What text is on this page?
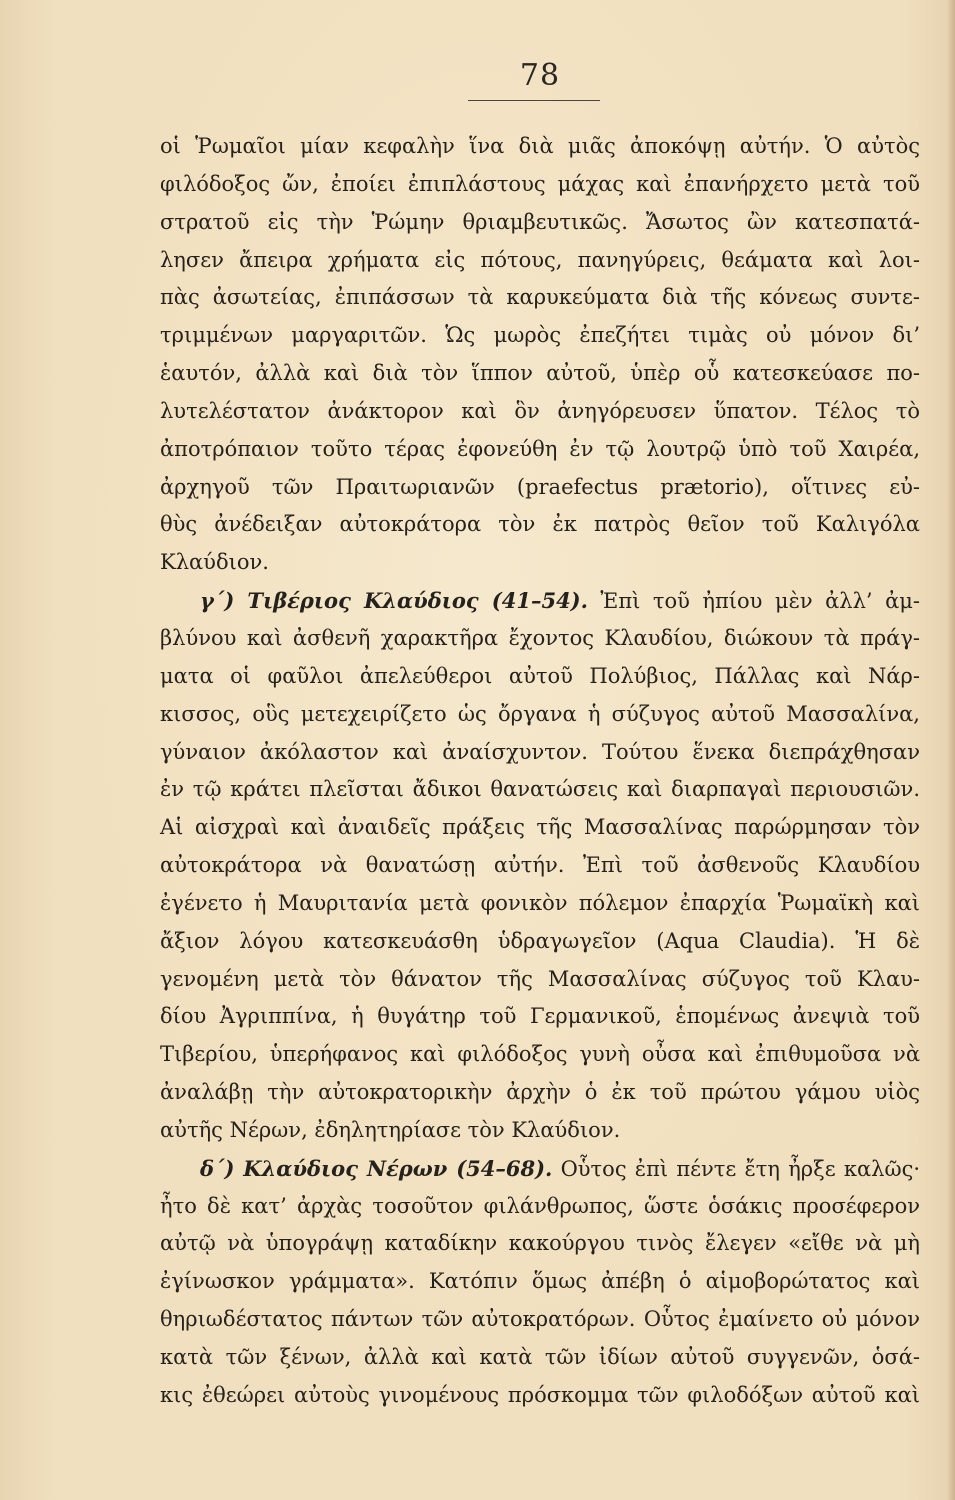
78
οἱ Ῥωμαῖοι μίαν κεφαλὴν ἵνα διὰ μιᾶς ἀποκόψῃ αὐτήν. Ὁ αὐτὸς
φιλόδοξος ὤν, ἐποίει ἐπιπλάστους μάχας καὶ ἐπανήρχετο μετὰ τοῦ
στρατοῦ εἰς τὴν Ῥώμην θριαμβευτικῶς. Ἄσωτος ὢν κατεσπατά-
λησεν ἄπειρα χρήματα εἰς πότους, πανηγύρεις, θεάματα καὶ λοι-
πὰς ἀσωτείας, ἐπιπάσσων τὰ καρυκεύματα διὰ τῆς κόνεως συντε-
τριμμένων μαργαριτῶν. Ὡς μωρὸς ἐπεζήτει τιμὰς οὐ μόνον δι’
ἑαυτόν, ἀλλὰ καὶ διὰ τὸν ἵππον αὐτοῦ, ὑπὲρ οὗ κατεσκεύασε πο-
λυτελέστατον ἀνάκτορον καὶ ὃν ἀνηγόρευσεν ὕπατον. Τέλος τὸ
ἀποτρόπαιον τοῦτο τέρας ἐφονεύθη ἐν τῷ λουτρῷ ὑπὸ τοῦ Χαιρέα,
ἀρχηγοῦ τῶν Πραιτωριανῶν (praefectus prætorio), οἵτινες εὐ-
θὺς ἀνέδειξαν αὐτοκράτορα τὸν ἐκ πατρὸς θεῖον τοῦ Καλιγόλα
Κλαύδιον.
γ΄) Τιβέριος Κλαύδιος (41–54). Ἐπὶ τοῦ ἠπίου μὲν ἀλλ’ ἀμ-
βλύνου καὶ ἀσθενῆ χαρακτῆρα ἔχοντος Κλαυδίου, διώκουν τὰ πράγ-
ματα οἱ φαῦλοι ἀπελεύθεροι αὐτοῦ Πολύβιος, Πάλλας καὶ Νάρ-
κισσος, οὓς μετεχειρίζετο ὡς ὄργανα ἡ σύζυγος αὐτοῦ Μασσαλίνα,
γύναιον ἀκόλαστον καὶ ἀναίσχυντον. Τούτου ἕνεκα διεπράχθησαν
ἐν τῷ κράτει πλεῖσται ἄδικοι θανατώσεις καὶ διαρπαγαὶ περιουσιῶν.
Αἱ αἰσχραὶ καὶ ἀναιδεῖς πράξεις τῆς Μασσαλίνας παρώρμησαν τὸν
αὐτοκράτορα νὰ θανατώσῃ αὐτήν. Ἐπὶ τοῦ ἀσθενοῦς Κλαυδίου
ἐγένετο ἡ Μαυριτανία μετὰ φονικὸν πόλεμον ἐπαρχία Ῥωμαϊκὴ καὶ
ἄξιον λόγου κατεσκευάσθη ὑδραγωγεῖον (Aqua Claudia). Ἡ δὲ
γενομένη μετὰ τὸν θάνατον τῆς Μασσαλίνας σύζυγος τοῦ Κλαυ-
δίου Ἀγριππίνα, ἡ θυγάτηρ τοῦ Γερμανικοῦ, ἑπομένως ἀνεψιὰ τοῦ
Τιβερίου, ὑπερήφανος καὶ φιλόδοξος γυνὴ οὖσα καὶ ἐπιθυμοῦσα νὰ
ἀναλάβῃ τὴν αὐτοκρατορικὴν ἀρχὴν ὁ ἐκ τοῦ πρώτου γάμου υἱὸς
αὐτῆς Νέρων, ἐδηλητηρίασε τὸν Κλαύδιον.
δ΄) Κλαύδιος Νέρων (54–68). Οὗτος ἐπὶ πέντε ἔτη ἦρξε καλῶς·
ἦτο δὲ κατ’ ἀρχὰς τοσοῦτον φιλάνθρωπος, ὥστε ὁσάκις προσέφερον
αὐτῷ νὰ ὑπογράψῃ καταδίκην κακούργου τινὸς ἔλεγεν «εἴθε νὰ μὴ
ἐγίνωσκον γράμματα». Κατόπιν ὅμως ἀπέβη ὁ αἱμοβορώτατος καὶ
θηριωδέστατος πάντων τῶν αὐτοκρατόρων. Οὗτος ἐμαίνετο οὐ μόνον
κατὰ τῶν ξένων, ἀλλὰ καὶ κατὰ τῶν ἰδίων αὐτοῦ συγγενῶν, ὁσά-
κις ἐθεώρει αὐτοὺς γινομένους πρόσκομμα τῶν φιλοδόξων αὐτοῦ καὶ
